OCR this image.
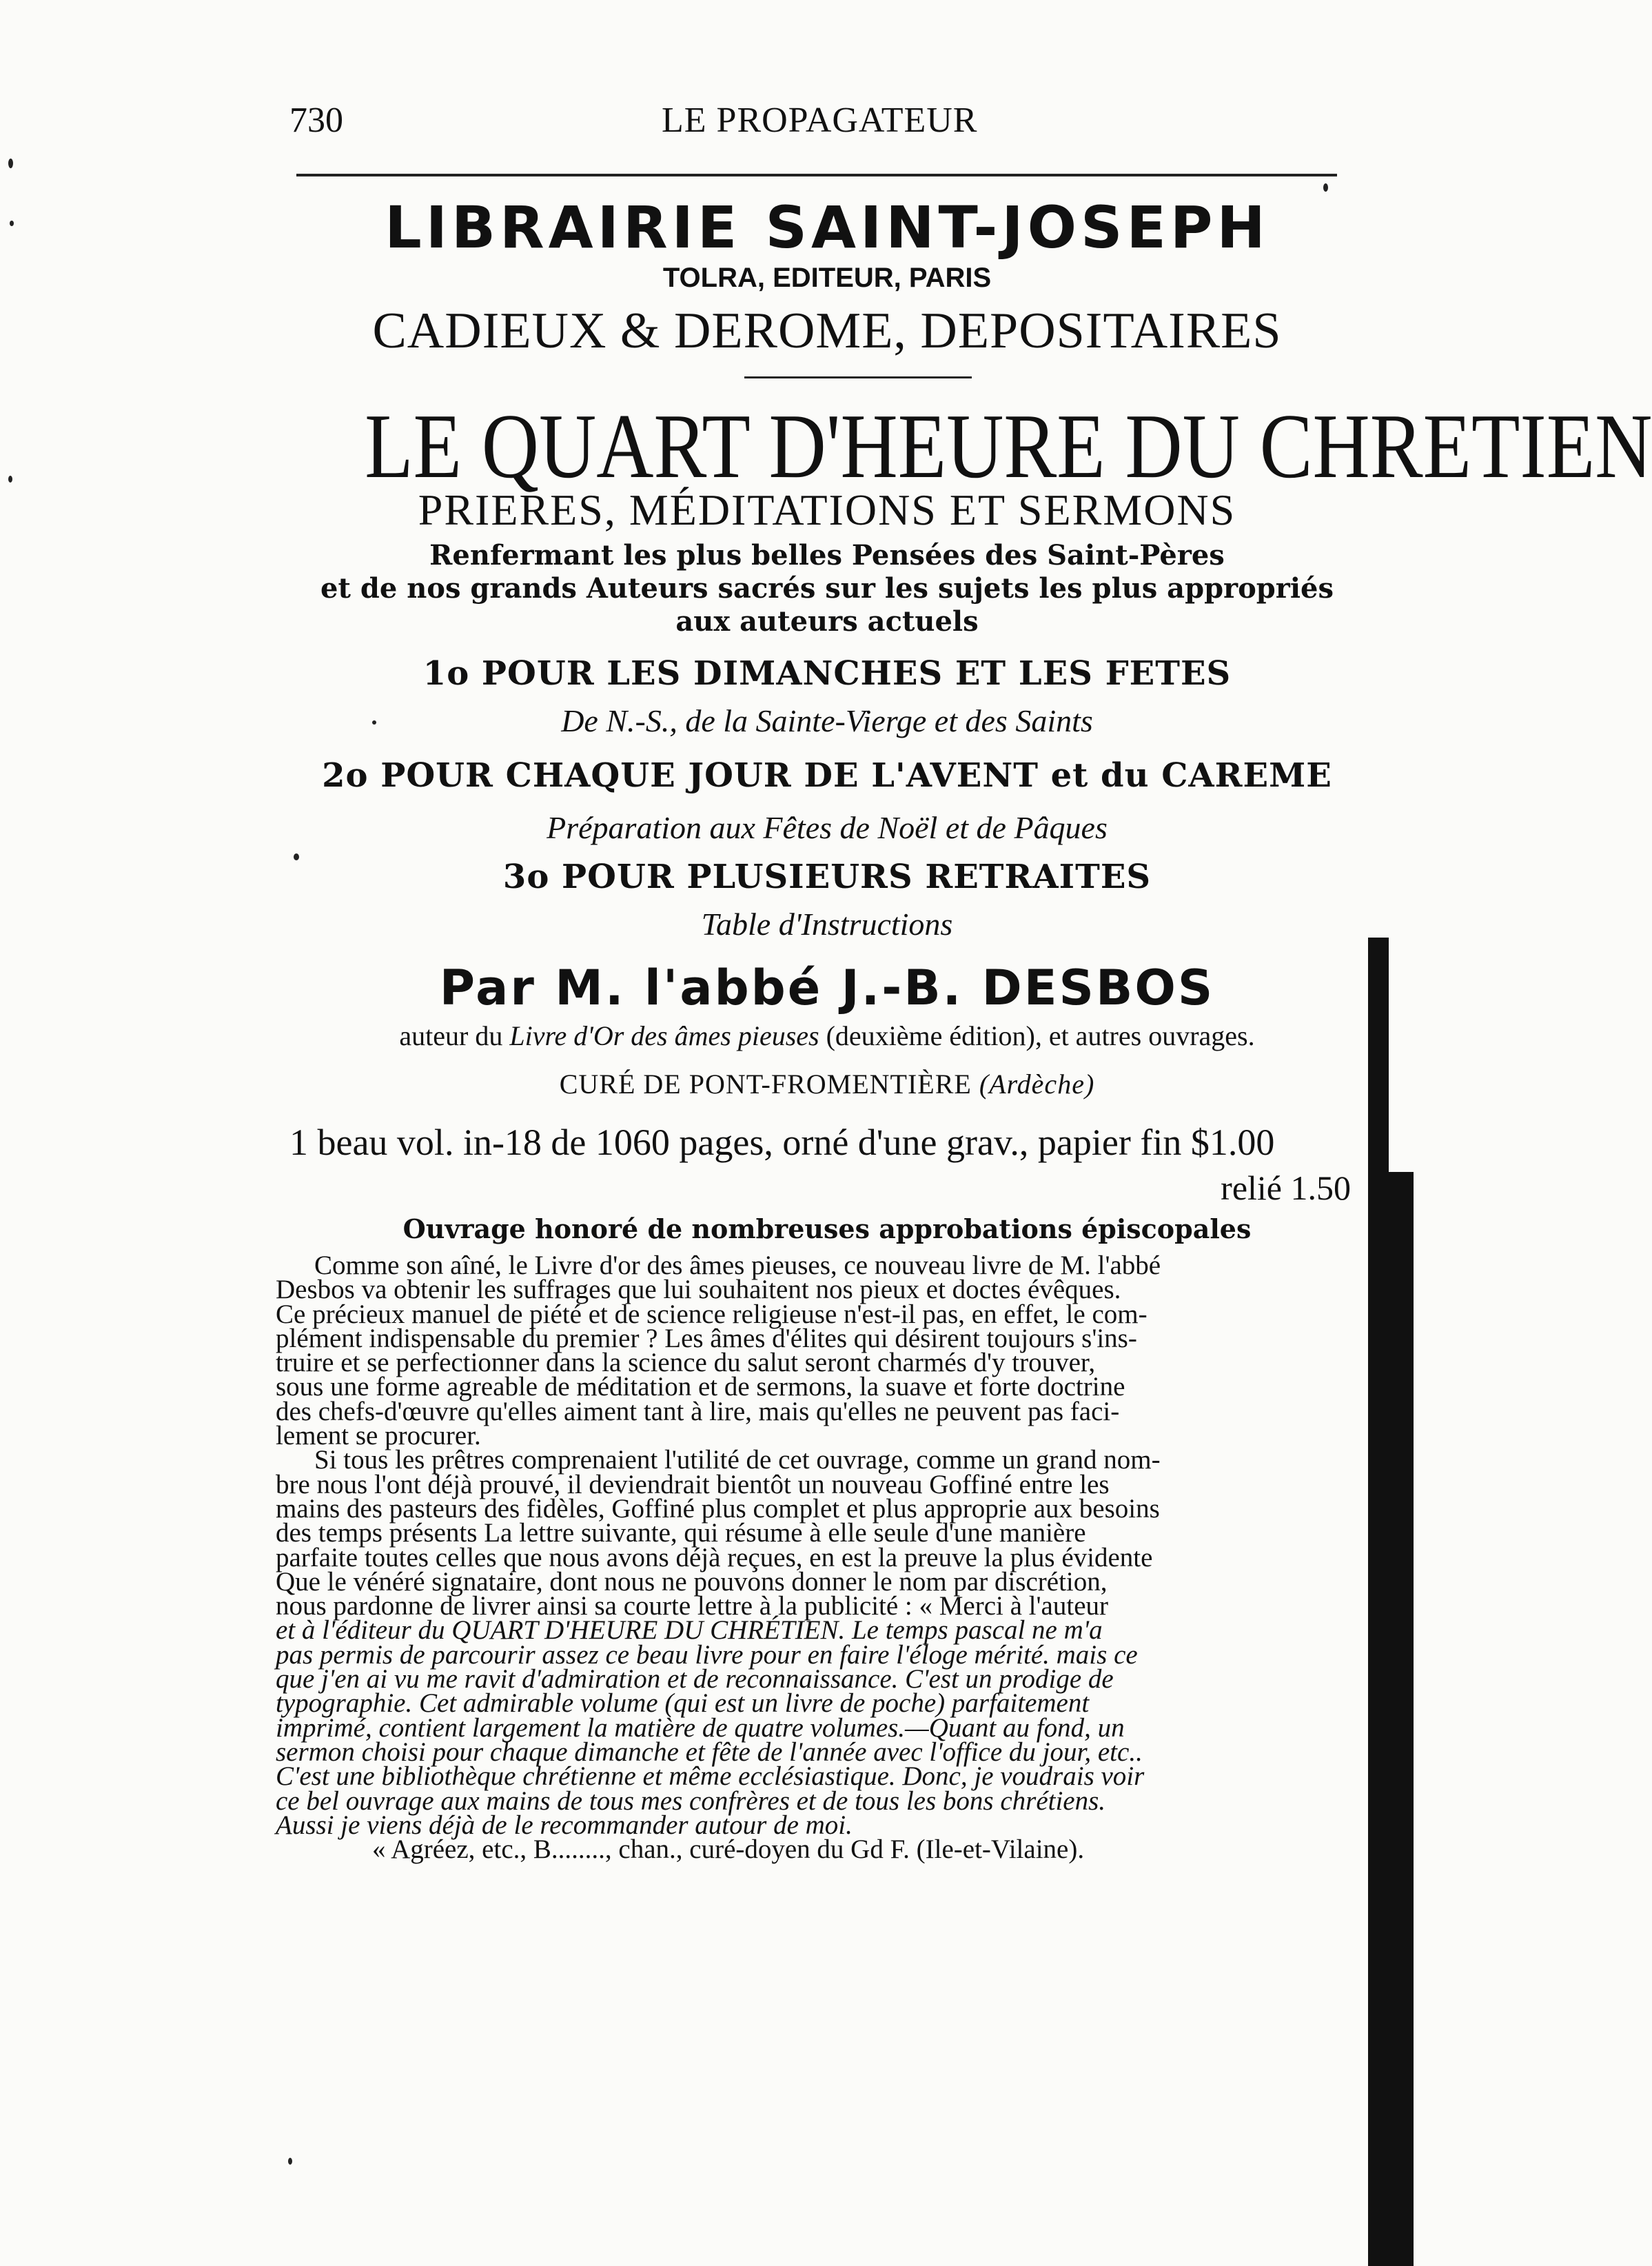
730	LE PROPAGATEUR
LIBRAIRIE SAINT-JOSEPH
TOLRA, EDITEUR, PARIS
CADIEUX & DEROME, DEPOSITAIRES
LE QUART D'HEURE DU CHRETIEN
PRIERES, MÉDITATIONS ET SERMONS
Renfermant les plus belles Pensées des Saint-Pères
et de nos grands Auteurs sacrés sur les sujets les plus appropriés
aux auteurs actuels
1o POUR LES DIMANCHES ET LES FETES
De N.-S., de la Sainte-Vierge et des Saints
2o POUR CHAQUE JOUR DE L'AVENT et du CAREME
Préparation aux Fêtes de Noël et de Pâques
3o POUR PLUSIEURS RETRAITES
Table d'Instructions
Par M. l'abbé J.-B. DESBOS
auteur du Livre d'Or des âmes pieuses (deuxième édition), et autres ouvrages.
CURÉ DE PONT-FROMENTIÈRE (Ardèche)
1 beau vol. in-18 de 1060 pages, orné d'une grav., papier fin $1.00
relié 1.50
Ouvrage honoré de nombreuses approbations épiscopales
Comme son aîné, le Livre d'or des âmes pieuses, ce nouveau livre de M. l'abbé
Desbos va obtenir les suffrages que lui souhaitent nos pieux et doctes évêques.
Ce précieux manuel de piété et de science religieuse n'est-il pas, en effet, le com-
plément indispensable du premier ? Les âmes d'élites qui désirent toujours s'ins-
truire et se perfectionner dans la science du salut seront charmés d'y trouver,
sous une forme agreable de méditation et de sermons, la suave et forte doctrine
des chefs-d'œuvre qu'elles aiment tant à lire, mais qu'elles ne peuvent pas faci-
lement se procurer.
Si tous les prêtres comprenaient l'utilité de cet ouvrage, comme un grand nom-
bre nous l'ont déjà prouvé, il deviendrait bientôt un nouveau Goffiné entre les
mains des pasteurs des fidèles, Goffiné plus complet et plus approprie aux besoins
des temps présents La lettre suivante, qui résume à elle seule d'une manière
parfaite toutes celles que nous avons déjà reçues, en est la preuve la plus évidente
Que le vénéré signataire, dont nous ne pouvons donner le nom par discrétion,
nous pardonne de livrer ainsi sa courte lettre à la publicité : « Merci à l'auteur
et à l'éditeur du QUART D'HEURE DU CHRÉTIEN. Le temps pascal ne m'a
pas permis de parcourir assez ce beau livre pour en faire l'éloge mérité. mais ce
que j'en ai vu me ravit d'admiration et de reconnaissance. C'est un prodige de
typographie. Cet admirable volume (qui est un livre de poche) parfaitement
imprimé, contient largement la matière de quatre volumes.—Quant au fond, un
sermon choisi pour chaque dimanche et fête de l'année avec l'office du jour, etc..
C'est une bibliothèque chrétienne et même ecclésiastique. Donc, je voudrais voir
ce bel ouvrage aux mains de tous mes confrères et de tous les bons chrétiens.
Aussi je viens déjà de le recommander autour de moi.
« Agréez, etc., B........, chan., curé-doyen du Gd F. (Ile-et-Vilaine).
